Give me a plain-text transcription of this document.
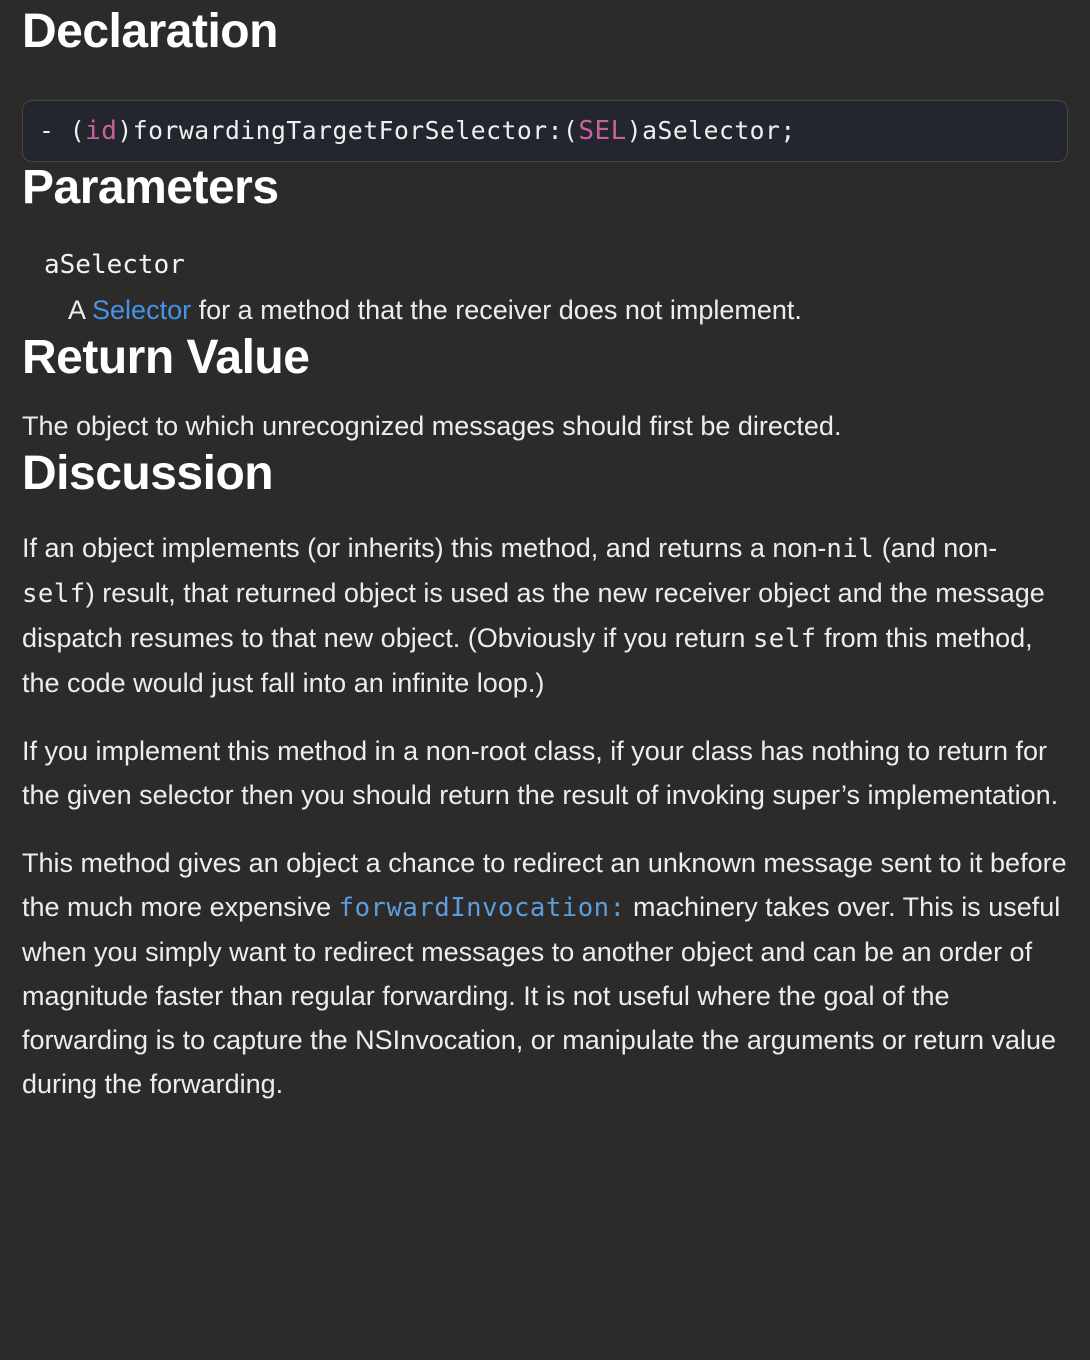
Declaration
- (id)forwardingTargetForSelector:(SEL)aSelector;
Parameters
aSelector
A Selector for a method that the receiver does not implement.
Return Value

The object to which unrecognized messages should first be directed.

Discussion

If an object implements (or inherits) this method, and returns a non-nil (and non-self) result, that returned object is used as the new receiver object and the message dispatch resumes to that new object. (Obviously if you return self from this method, the code would just fall into an infinite loop.)

If you implement this method in a non-root class, if your class has nothing to return for the given selector then you should return the result of invoking super’s implementation.

This method gives an object a chance to redirect an unknown message sent to it before the much more expensive forwardInvocation: machinery takes over. This is useful when you simply want to redirect messages to another object and can be an order of magnitude faster than regular forwarding. It is not useful where the goal of the forwarding is to capture the NSInvocation, or manipulate the arguments or return value during the forwarding.
